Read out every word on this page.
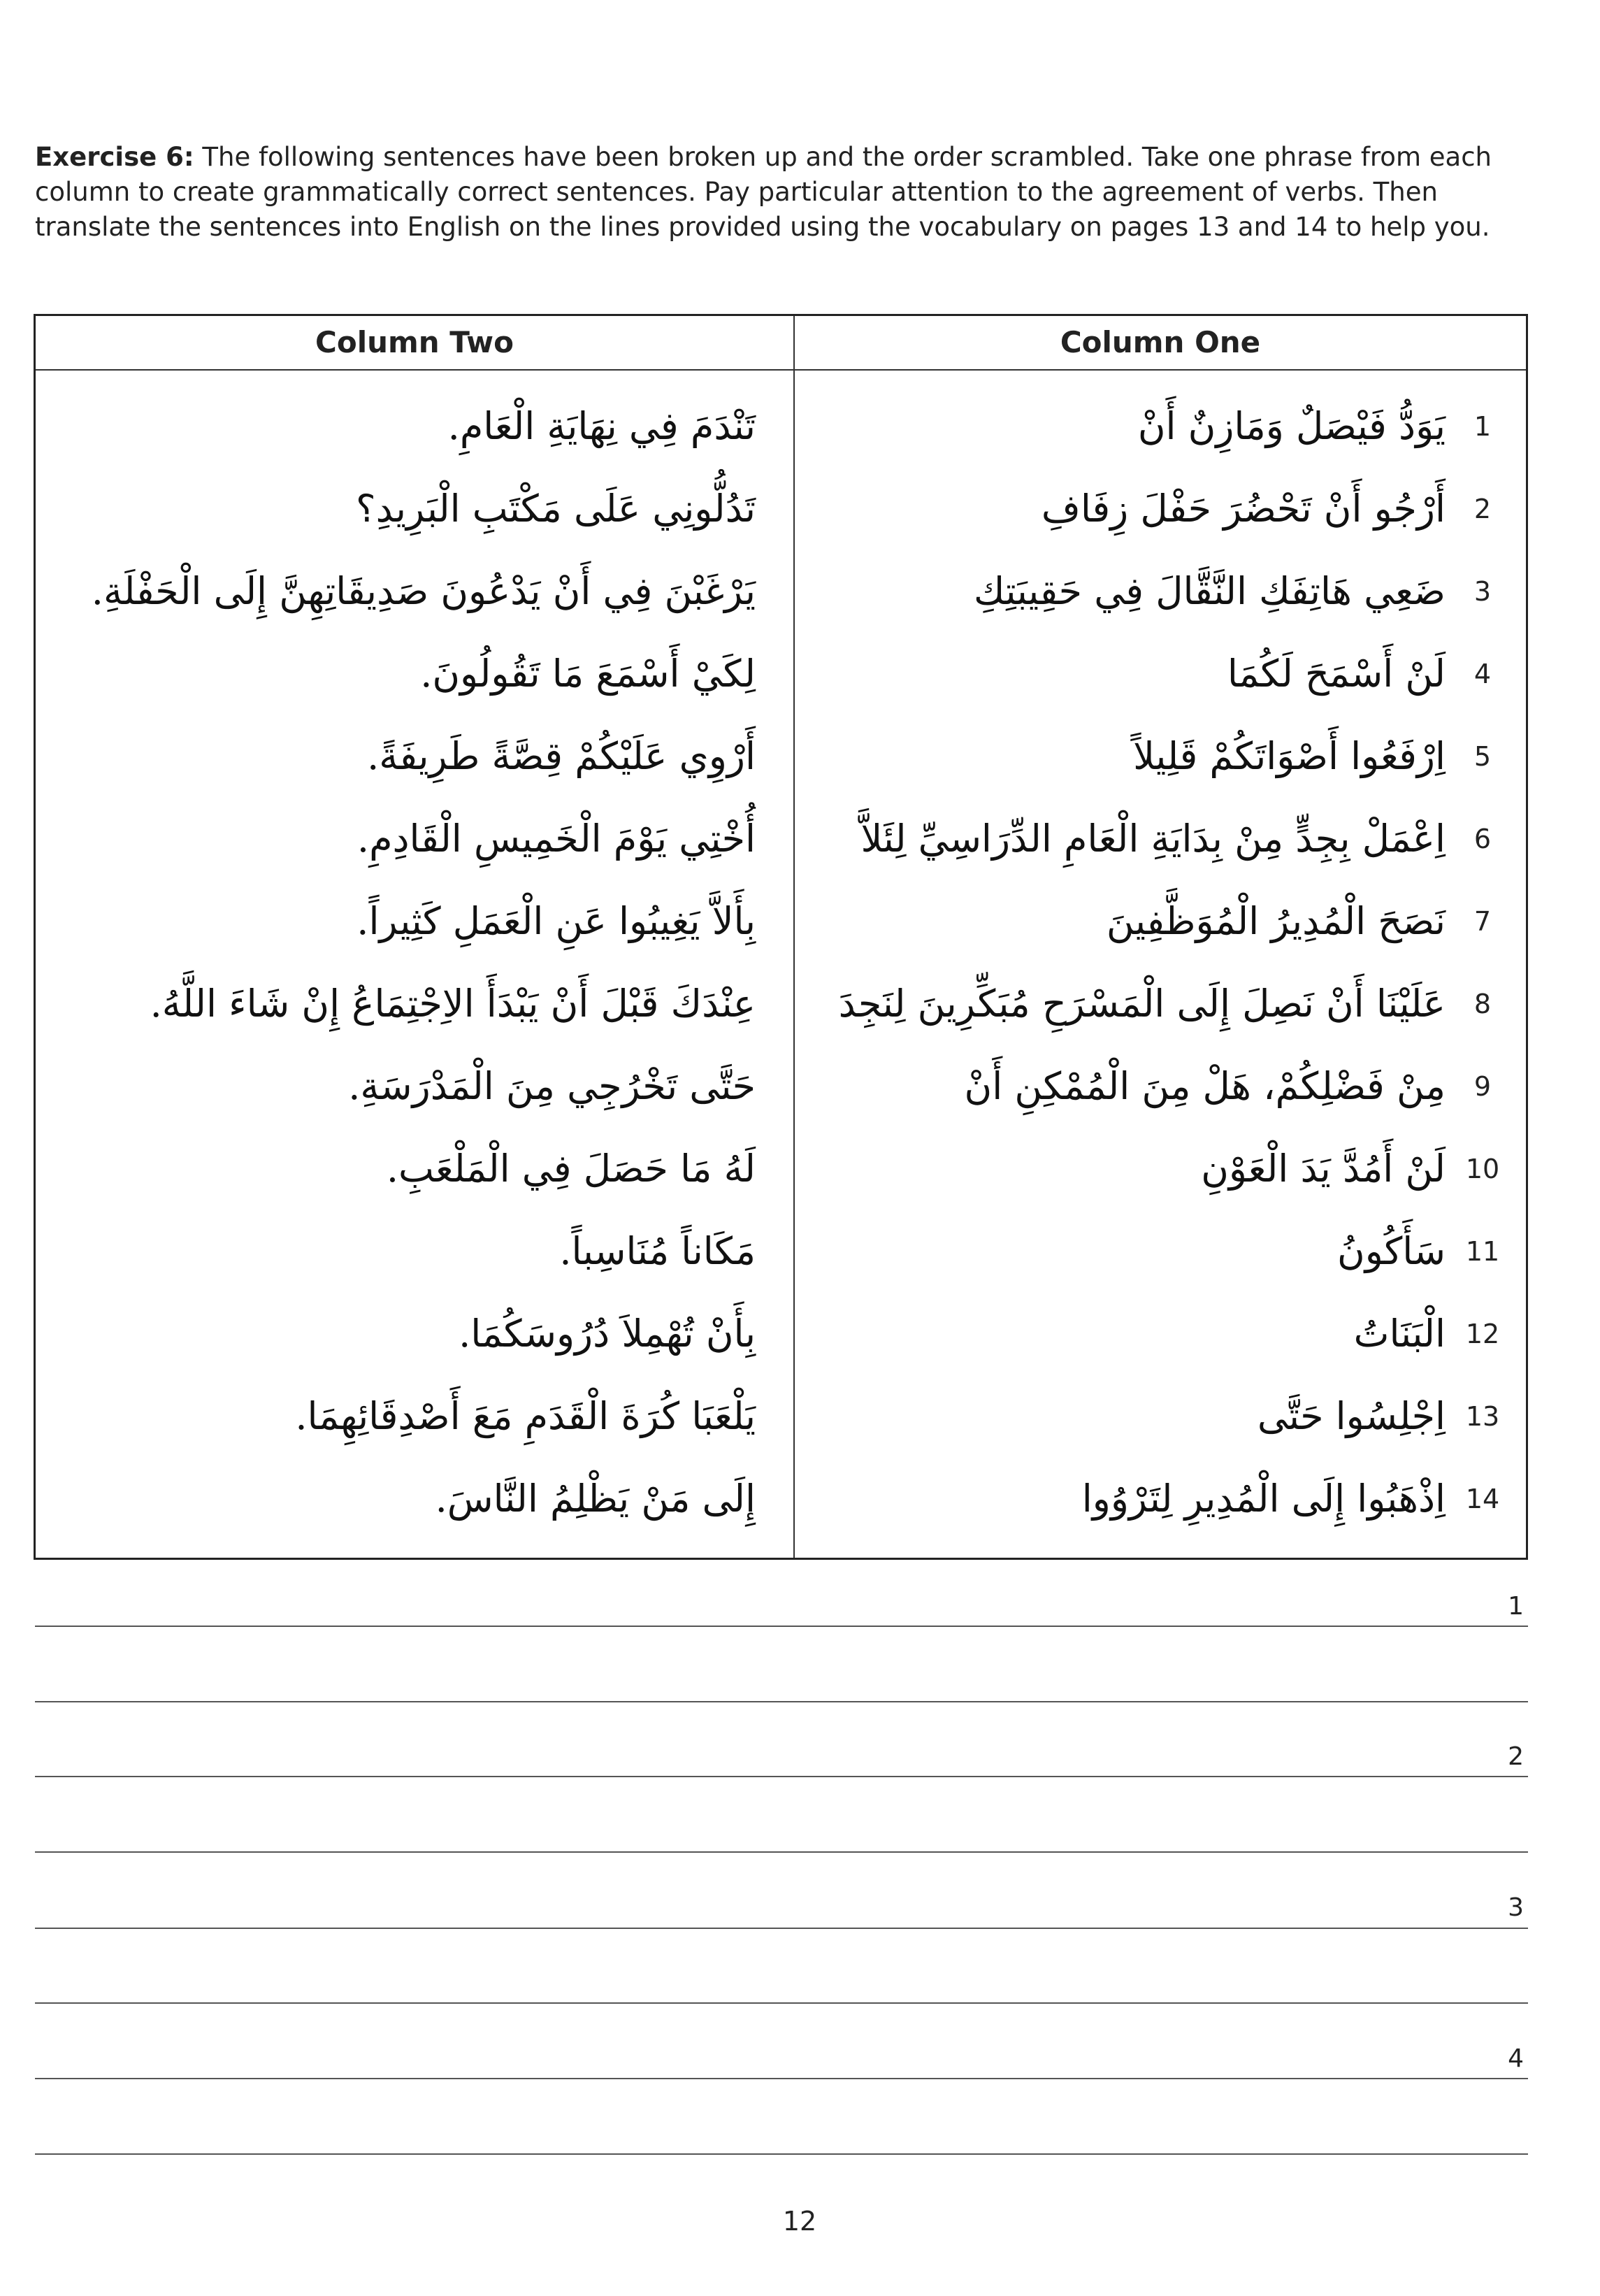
Exercise 6: The following sentences have been broken up and the order scrambled. Take one phrase from each column to create grammatically correct sentences. Pay particular attention to the agreement of verbs. Then translate the sentences into English on the lines provided using the vocabulary on pages 13 and 14 to help you.
Column Two	Column One
1
يَوَدُّ فَيْصَلٌ وَمَازِنٌ أَنْ
تَنْدَمَ فِي نِهَايَةِ الْعَامِ.
2
أَرْجُو أَنْ تَحْضُرَ حَفْلَ زِفَافِ
تَدُلُّونِي عَلَى مَكْتَبِ الْبَرِيدِ؟
3
ضَعِي هَاتِفَكِ النَّقَّالَ فِي حَقِيبَتِكِ
يَرْغَبْنَ فِي أَنْ يَدْعُونَ صَدِيقَاتِهِنَّ إِلَى الْحَفْلَةِ.
4
لَنْ أَسْمَحَ لَكُمَا
لِكَيْ أَسْمَعَ مَا تَقُولُونَ.
5
اِرْفَعُوا أَصْوَاتَكُمْ قَلِيلاً
أَرْوِي عَلَيْكُمْ قِصَّةً طَرِيفَةً.
6
اِعْمَلْ بِجِدٍّ مِنْ بِدَايَةِ الْعَامِ الدِّرَاسِيِّ لِئَلاَّ
أُخْتِي يَوْمَ الْخَمِيسِ الْقَادِمِ.
7
نَصَحَ الْمُدِيرُ الْمُوَظَّفِينَ
بِأَلاَّ يَغِيبُوا عَنِ الْعَمَلِ كَثِيراً.
8
عَلَيْنَا أَنْ نَصِلَ إِلَى الْمَسْرَحِ مُبَكِّرِينَ لِنَجِدَ
عِنْدَكَ قَبْلَ أَنْ يَبْدَأَ الاِجْتِمَاعُ إِنْ شَاءَ اللَّهُ.
9
مِنْ فَضْلِكُمْ، هَلْ مِنَ الْمُمْكِنِ أَنْ
حَتَّى تَخْرُجِي مِنَ الْمَدْرَسَةِ.
10
لَنْ أَمُدَّ يَدَ الْعَوْنِ
لَهُ مَا حَصَلَ فِي الْمَلْعَبِ.
11
سَأَكُونُ
مَكَاناً مُنَاسِباً.
12
الْبَنَاتُ
بِأَنْ تُهْمِلاَ دُرُوسَكُمَا.
13
اِجْلِسُوا حَتَّى
يَلْعَبَا كُرَةَ الْقَدَمِ مَعَ أَصْدِقَائِهِمَا.
14
اِذْهَبُوا إِلَى الْمُدِيرِ لِتَرْوُوا
إِلَى مَنْ يَظْلِمُ النَّاسَ.
1
2
3
4
12
